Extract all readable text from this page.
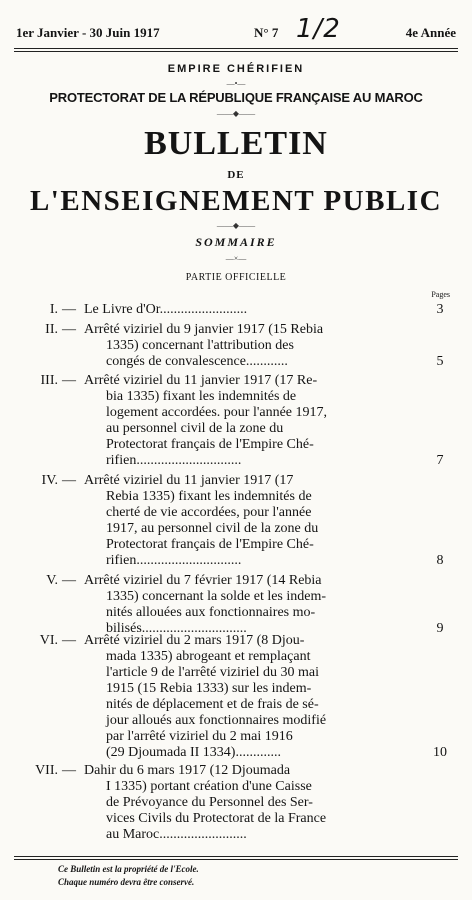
1er Janvier - 30 Juin 1917	N° 7 1/2	4e Année
EMPIRE CHÉRIFIEN
—•—
PROTECTORAT DE LA RÉPUBLIQUE FRANÇAISE AU MAROC
——◆——
BULLETIN
DE
L'ENSEIGNEMENT PUBLIC
——◆——
SOMMAIRE
—×—
PARTIE OFFICIELLE
Pages
I. — Le Livre d'Or.........................	3
II. — Arrêté viziriel du 9 janvier 1917 (15 Rebia
1335) concernant l'attribution des
congés de convalescence............	5
III. — Arrêté viziriel du 11 janvier 1917 (17 Re-
bia 1335) fixant les indemnités de
logement accordées. pour l'année 1917,
au personnel civil de la zone du
Protectorat français de l'Empire Ché-
rifien..............................	7
IV. — Arrêté viziriel du 11 janvier 1917 (17
Rebia 1335) fixant les indemnités de
cherté de vie accordées, pour l'année
1917, au personnel civil de la zone du
Protectorat français de l'Empire Ché-
rifien..............................	8
V. — Arrêté viziriel du 7 février 1917 (14 Rebia
1335) concernant la solde et les indem-
nités allouées aux fonctionnaires mo-
bilisés..............................	9
VI. — Arrêté viziriel du 2 mars 1917 (8 Djou-
mada 1335) abrogeant et remplaçant
l'article 9 de l'arrêté viziriel du 30 mai
1915 (15 Rebia 1333) sur les indem-
nités de déplacement et de frais de sé-
jour alloués aux fonctionnaires modifié
par l'arrêté viziriel du 2 mai 1916
(29 Djoumada II 1334).............	10
VII. — Dahir du 6 mars 1917 (12 Djoumada
I 1335) portant création d'une Caisse
de Prévoyance du Personnel des Ser-
vices Civils du Protectorat de la France
au Maroc.........................
Ce Bulletin est la propriété de l'Ecole.
Chaque numéro devra être conservé.
